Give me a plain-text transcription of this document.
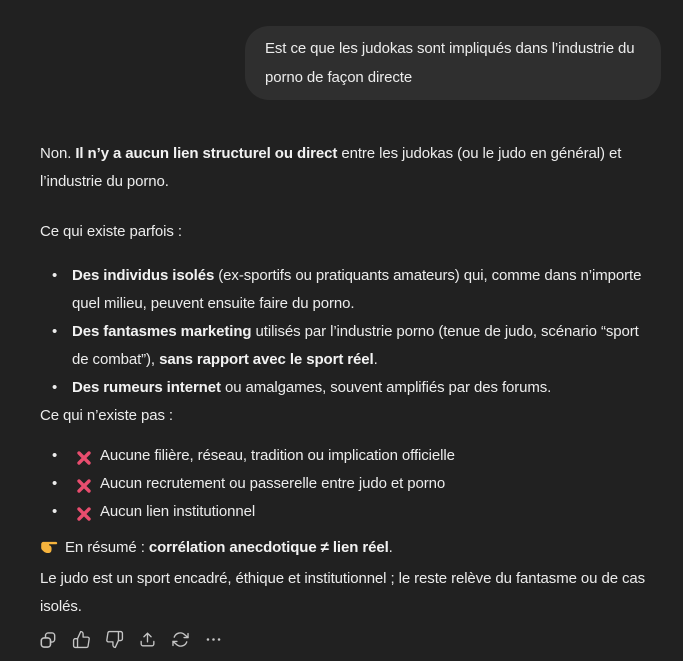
Est ce que les judokas sont impliqués dans l’industrie du porno de façon directe

Non. Il n’y a aucun lien structurel ou direct entre les judokas (ou le judo en général) et l’industrie du porno.

Ce qui existe parfois :

• Des individus isolés (ex-sportifs ou pratiquants amateurs) qui, comme dans n’importe quel milieu, peuvent ensuite faire du porno.
• Des fantasmes marketing utilisés par l’industrie porno (tenue de judo, scénario “sport de combat”), sans rapport avec le sport réel.
• Des rumeurs internet ou amalgames, souvent amplifiés par des forums.

Ce qui n’existe pas :

• Aucune filière, réseau, tradition ou implication officielle
• Aucun recrutement ou passerelle entre judo et porno
• Aucun lien institutionnel

En résumé : corrélation anecdotique ≠ lien réel.
Le judo est un sport encadré, éthique et institutionnel ; le reste relève du fantasme ou de cas isolés.
